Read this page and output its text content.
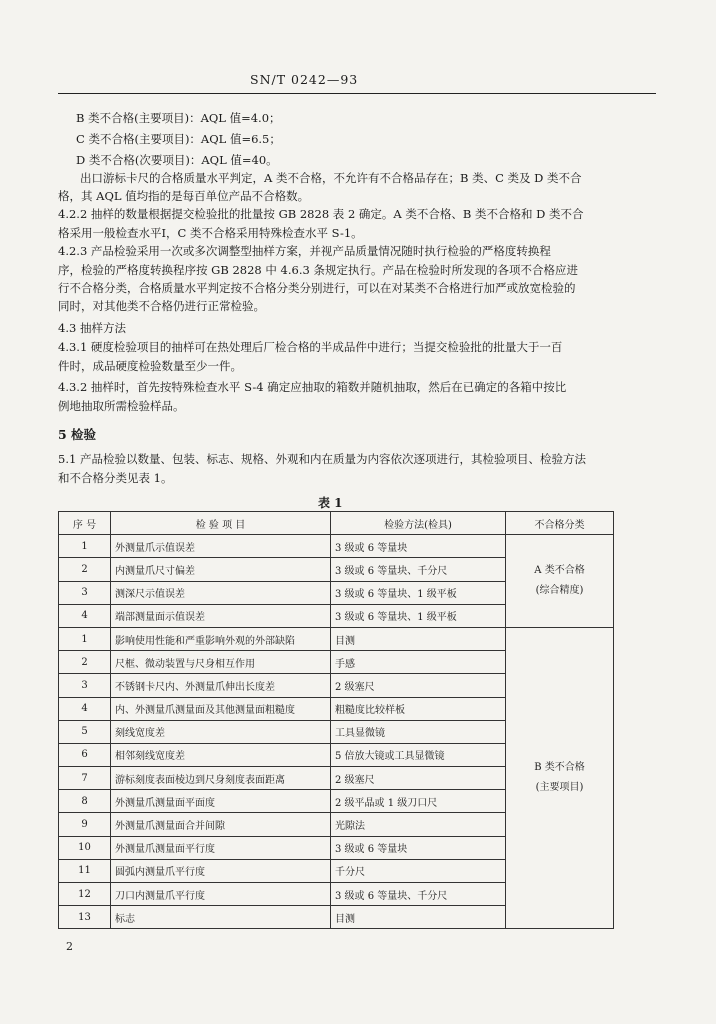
SN/T 0242—93
B 类不合格(主要项目)：AQL 值=4.0；
C 类不合格(主要项目)：AQL 值=6.5；
D 类不合格(次要项目)：AQL 值=40。
出口游标卡尺的合格质量水平判定，A 类不合格，不允许有不合格品存在；B 类、C 类及 D 类不合
格，其 AQL 值均指的是每百单位产品不合格数。
4.2.2 抽样的数量根据提交检验批的批量按 GB 2828 表 2 确定。A 类不合格、B 类不合格和 D 类不合
格采用一般检查水平Ⅰ，C 类不合格采用特殊检查水平 S-1。
4.2.3 产品检验采用一次或多次调整型抽样方案，并视产品质量情况随时执行检验的严格度转换程
序，检验的严格度转换程序按 GB 2828 中 4.6.3 条规定执行。产品在检验时所发现的各项不合格应进
行不合格分类，合格质量水平判定按不合格分类分别进行，可以在对某类不合格进行加严或放宽检验的
同时，对其他类不合格仍进行正常检验。
4.3 抽样方法
4.3.1 硬度检验项目的抽样可在热处理后厂检合格的半成品件中进行；当提交检验批的批量大于一百
件时，成品硬度检验数量至少一件。
4.3.2 抽样时，首先按特殊检查水平 S-4 确定应抽取的箱数并随机抽取，然后在已确定的各箱中按比
例地抽取所需检验样品。
5 检验
5.1 产品检验以数量、包装、标志、规格、外观和内在质量为内容依次逐项进行，其检验项目、检验方法
和不合格分类见表 1。
表 1
序 号	检 验 项 目	检验方法(检具)	不合格分类
1	外测量爪示值误差	3 级或 6 等量块	A 类不合格
(综合精度)

2	内测量爪尺寸偏差	3 级或 6 等量块、千分尺	
3	测深尺示值误差	3 级或 6 等量块、1 级平板	
4	端部测量面示值误差	3 级或 6 等量块、1 级平板	
1	影响使用性能和严重影响外观的外部缺陷	目测	B 类不合格
(主要项目)

2	尺框、微动装置与尺身相互作用	手感	
3	不锈钢卡尺内、外测量爪伸出长度差	2 级塞尺	
4	内、外测量爪测量面及其他测量面粗糙度	粗糙度比较样板	
5	刻线宽度差	工具显微镜	
6	相邻刻线宽度差	5 倍放大镜或工具显微镜	
7	游标刻度表面棱边到尺身刻度表面距离	2 级塞尺	
8	外测量爪测量面平面度	2 级平晶或 1 级刀口尺	
9	外测量爪测量面合并间隙	光隙法	
10	外测量爪测量面平行度	3 级或 6 等量块	
11	圆弧内测量爪平行度	千分尺	
12	刀口内测量爪平行度	3 级或 6 等量块、千分尺	
13	标志	目测	
2
